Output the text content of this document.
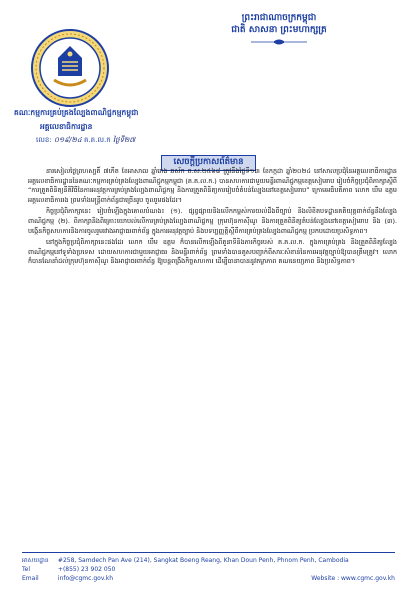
ព្រះរាជាណាចក្រកម្ពុជា
ជាតិ សាសនា ព្រះមហាក្សត្រ
គណៈកម្មការគ្រប់គ្រងល្បែងពាណិជ្ជកម្មកម្ពុជា
អគ្គលេខាធិការដ្ឋាន
លេខ: ០១៩/២៤ គ.គ.ល.ក ថ្ងៃទី២៧
សេចក្តីប្រកាសព័ត៌មាន

នារសៀលថ្ងៃព្រហស្បតិ៍ ៧កើត ខែអាសាឍ ឆ្នាំរោង ឆស័ក ព.ស.២៥៦៨ ត្រូវនឹងថ្ងៃទី១៣ ខែកក្កដា ឆ្នាំ២០២៤ នៅសាលប្រជុំនៃអគ្គលេខាធិការដ្ឋាន អគ្គលេខាធិការដ្ឋាននៃគណៈកម្មការគ្រប់គ្រងល្បែងពាណិជ្ជកម្មកម្ពុជា (គ.គ.ល.ក.) បានសហការជាមួយមន្ទីរពាណិជ្ជកម្មខេត្តសៀមរាប រៀបចំកិច្ចប្រជុំពិភាក្សាស្ដីពី “ការត្រួតពិនិត្យនីតិវិធីនៃការអនុវត្តការគ្រប់គ្រងល្បែងពាណិជ្ជកម្ម និងការត្រួតពិនិត្យការរៀបចំតំបន់ល្បែងនៅខេត្តសៀមរាប” ក្រោមអធិបតីភាព លោក ឃឹម ឧត្ដម អគ្គលេខាធិការរង ព្រមទាំងមន្ត្រីពាក់ព័ន្ធជាច្រើនរូប ចូលរួមផងដែរ។

កិច្ចប្រជុំពិភាក្សានេះ រៀបចំឡើងក្នុងគោលបំណង៖ (១). ផ្សព្វផ្សាយនិងលើកកម្ពស់ការយល់ដឹងពីច្បាប់ និងលិខិតបទដ្ឋានគតិយុត្តពាក់ព័ន្ធនឹងល្បែងពាណិជ្ជកម្ម (២). ពិភាក្សានិងពិគ្រោះយោបល់លើការគ្រប់គ្រងល្បែងពាណិជ្ជកម្ម ក្រុមហ៊ុនកាស៊ីណូ និងការត្រួតពិនិត្យតំបន់ល្បែងនៅខេត្តសៀមរាប និង (៣). បង្កើនកិច្ចសហការនិងការចូលរួមរវាងអាជ្ញាធរពាក់ព័ន្ធ ក្នុងការអនុវត្តច្បាប់ និងបទប្បញ្ញត្តិស្ដីពីការគ្រប់គ្រងល្បែងពាណិជ្ជកម្ម ប្រកបដោយប្រសិទ្ធភាព។

នៅក្នុងកិច្ចប្រជុំពិភាក្សានេះផងដែរ លោក ឃឹម ឧត្ដម ក៏បានលើកឡើងពីតួនាទីនិងភារកិច្ចរបស់ គ.គ.ល.ក. ក្នុងការគ្រប់គ្រង និងត្រួតពិនិត្យល្បែងពាណិជ្ជកម្មនៅទូទាំងប្រទេស ដោយសហការជាមួយអាជ្ញាធរ និងមន្ទីរពាក់ព័ន្ធ ព្រមទាំងបានគូសបញ្ជាក់ពីសារៈសំខាន់នៃការអនុវត្តច្បាប់ឱ្យបានត្រឹមត្រូវ។ លោក ក៏បានណែនាំដល់ក្រុមហ៊ុនកាស៊ីណូ និងអាជ្ញាធរពាក់ព័ន្ធ ឱ្យបន្តពង្រឹងកិច្ចសហការ ដើម្បីធានាបាននូវតម្លាភាព គណនេយ្យភាព និងប្រសិទ្ធភាព។

អាសយដ្ឋាន #258, Samdech Pan Ave (214), Sangkat Boeng Reang, Khan Doun Penh, Phnom Penh, Cambodia
Tel	+(855) 23 902 050
Email	info@cgmc.gov.kh	Website : www.cgmc.gov.kh
